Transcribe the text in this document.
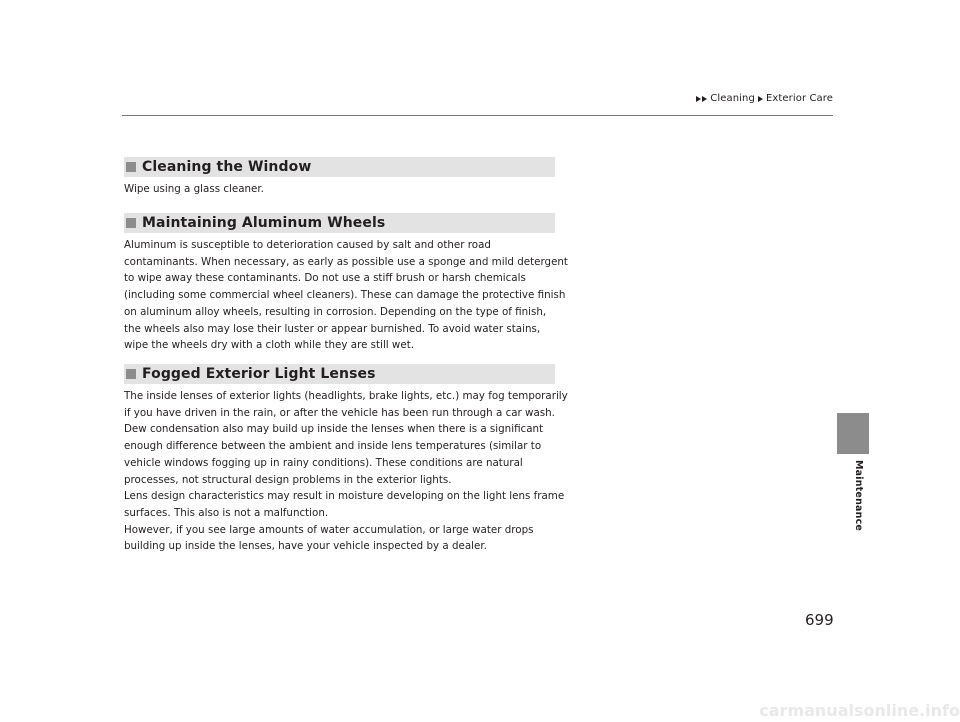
Cleaning Exterior Care
Maintenance
Cleaning the Window

Wipe using a glass cleaner.

Maintaining Aluminum Wheels

Aluminum is susceptible to deterioration caused by salt and other road
contaminants. When necessary, as early as possible use a sponge and mild detergent
to wipe away these contaminants. Do not use a stiff brush or harsh chemicals
(including some commercial wheel cleaners). These can damage the protective finish
on aluminum alloy wheels, resulting in corrosion. Depending on the type of finish,
the wheels also may lose their luster or appear burnished. To avoid water stains,
wipe the wheels dry with a cloth while they are still wet.

Fogged Exterior Light Lenses

The inside lenses of exterior lights (headlights, brake lights, etc.) may fog temporarily
if you have driven in the rain, or after the vehicle has been run through a car wash.
Dew condensation also may build up inside the lenses when there is a significant
enough difference between the ambient and inside lens temperatures (similar to
vehicle windows fogging up in rainy conditions). These conditions are natural
processes, not structural design problems in the exterior lights.
Lens design characteristics may result in moisture developing on the light lens frame
surfaces. This also is not a malfunction.
However, if you see large amounts of water accumulation, or large water drops
building up inside the lenses, have your vehicle inspected by a dealer.

699
carmanualsonline.info
